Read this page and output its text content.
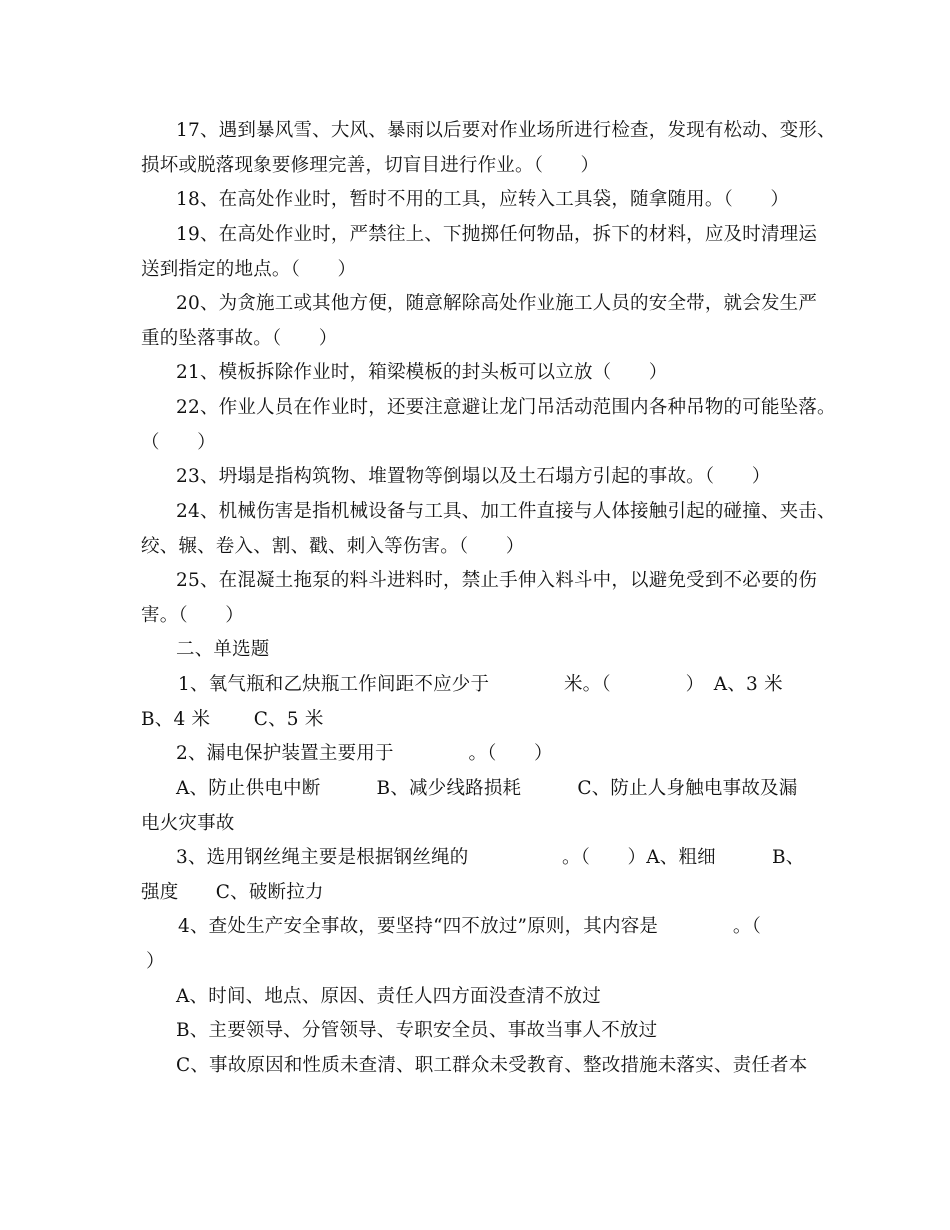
17、遇到暴风雪、大风、暴雨以后要对作业场所进行检查，发现有松动、变形、
损坏或脱落现象要修理完善，切盲目进行作业。（　　）
18、在高处作业时，暂时不用的工具，应转入工具袋，随拿随用。（　　）
19、在高处作业时，严禁往上、下抛掷任何物品，拆下的材料，应及时清理运
送到指定的地点。（　　）
20、为贪施工或其他方便，随意解除高处作业施工人员的安全带，就会发生严
重的坠落事故。（　　）
21、模板拆除作业时，箱梁模板的封头板可以立放（　　）
22、作业人员在作业时，还要注意避让龙门吊活动范围内各种吊物的可能坠落。
（　　）
23、坍塌是指构筑物、堆置物等倒塌以及土石塌方引起的事故。（　　）
24、机械伤害是指机械设备与工具、加工件直接与人体接触引起的碰撞、夹击、
绞、辗、卷入、割、戳、刺入等伤害。（　　）
25、在混凝土拖泵的料斗进料时，禁止手伸入料斗中，以避免受到不必要的伤
害。（　　）
二、单选题
1、氧气瓶和乙炔瓶工作间距不应少于　　　　米。（　　　　）　A、3 米
B、4 米　　 C、5 米
2、漏电保护装置主要用于　　　　。（　　）
A、防止供电中断　　　B、减少线路损耗　　　C、防止人身触电事故及漏
电火灾事故
3、选用钢丝绳主要是根据钢丝绳的　　　　　。（　　）A、粗细　　　B、
强度　　C、破断拉力
4、查处生产安全事故，要坚持“四不放过”原则，其内容是　　　　。（
）
A、时间、地点、原因、责任人四方面没查清不放过
B、主要领导、分管领导、专职安全员、事故当事人不放过
C、事故原因和性质未查清、职工群众未受教育、整改措施未落实、责任者本
